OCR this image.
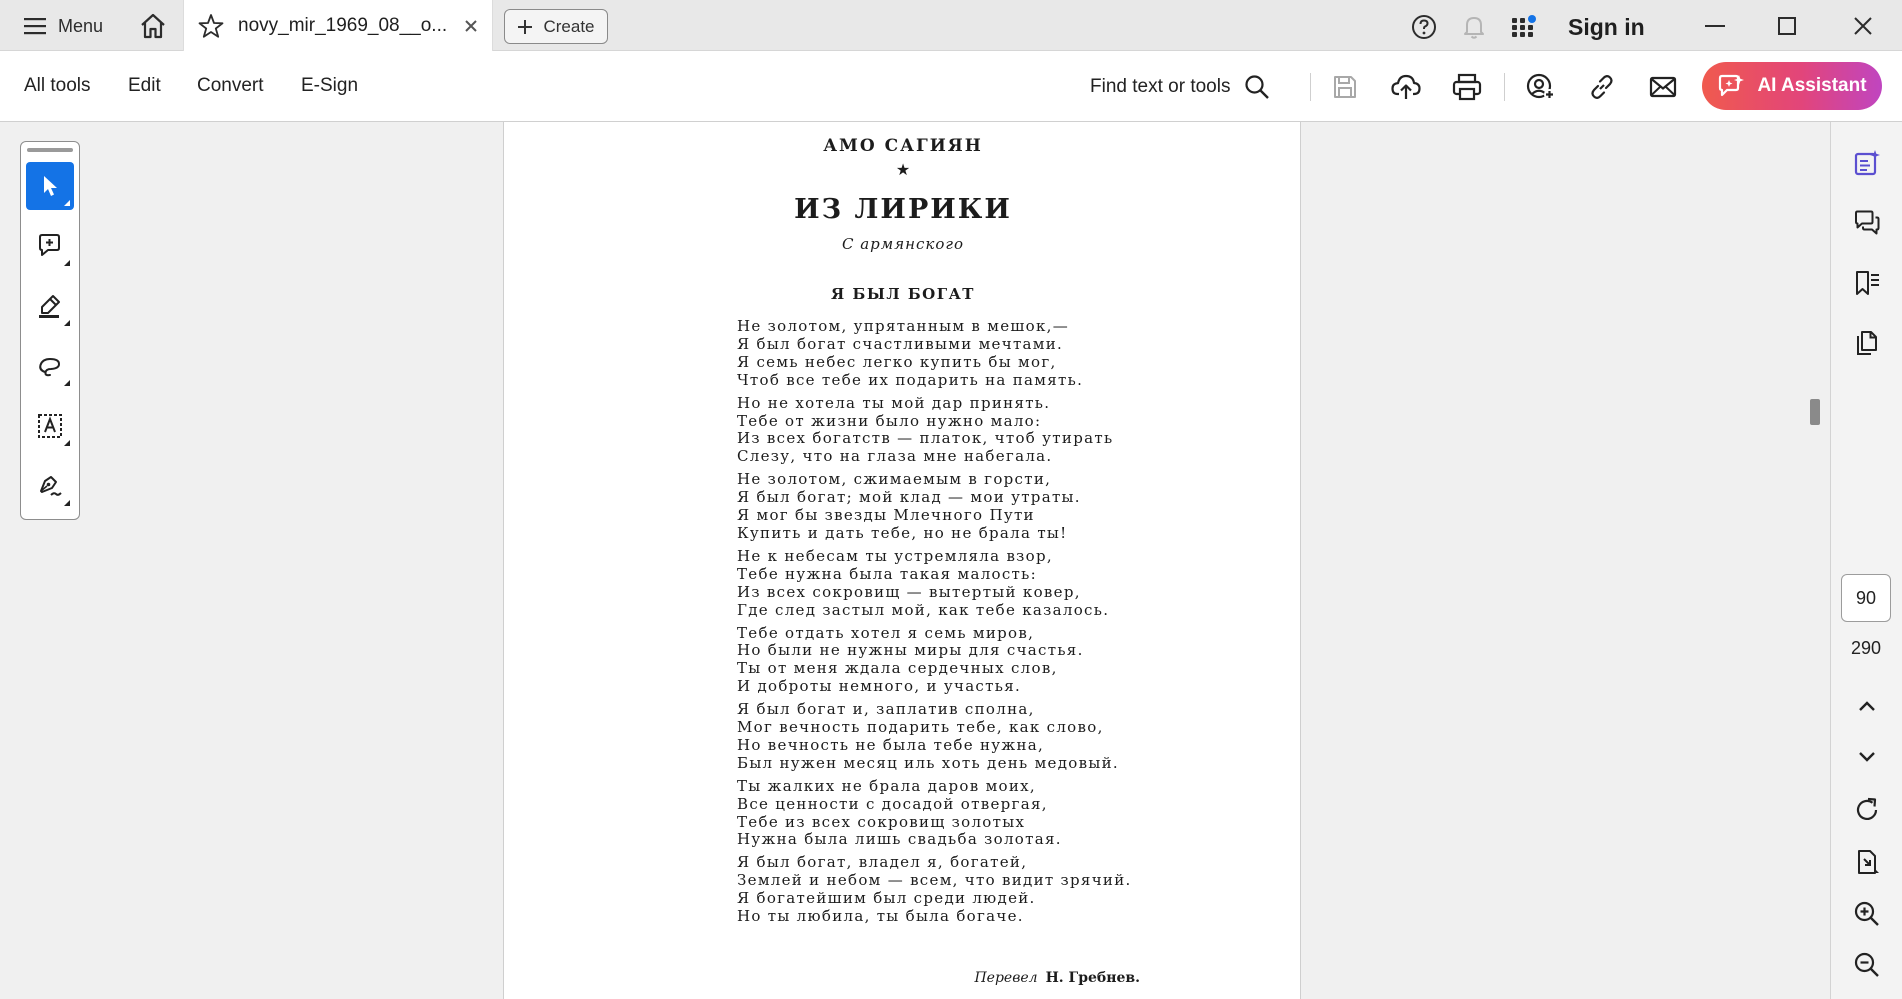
Menu	novy_mir_1969_08__o...	Create	Sign in
All tools Edit Convert E-Sign	Find text or tools	AI Assistant
АМО САГИЯН
★
ИЗ ЛИРИКИ
С армянского
Я БЫЛ БОГАТ
Не золотом, упрятанным в мешок,—
Я был богат счастливыми мечтами.
Я семь небес легко купить бы мог,
Чтоб все тебе их подарить на память.
Но не хотела ты мой дар принять.
Тебе от жизни было нужно мало:
Из всех богатств — платок, чтоб утирать
Слезу, что на глаза мне набегала.
Не золотом, сжимаемым в горсти,
Я был богат; мой клад — мои утраты.
Я мог бы звезды Млечного Пути
Купить и дать тебе, но не брала ты!
Не к небесам ты устремляла взор,
Тебе нужна была такая малость:
Из всех сокровищ — вытертый ковер,
Где след застыл мой, как тебе казалось.
Тебе отдать хотел я семь миров,
Но были не нужны миры для счастья.
Ты от меня ждала сердечных слов,
И доброты немного, и участья.
Я был богат и, заплатив сполна,
Мог вечность подарить тебе, как слово,
Но вечность не была тебе нужна,
Был нужен месяц иль хоть день медовый.
Ты жалких не брала даров моих,
Все ценности с досадой отвергая,
Тебе из всех сокровищ золотых
Нужна была лишь свадьба золотая.
Я был богат, владел я, богатей,
Землей и небом — всем, что видит зрячий.
Я богатейшим был среди людей.
Но ты любила, ты была богаче.
Перевел Н. Гребнев.
90
290
